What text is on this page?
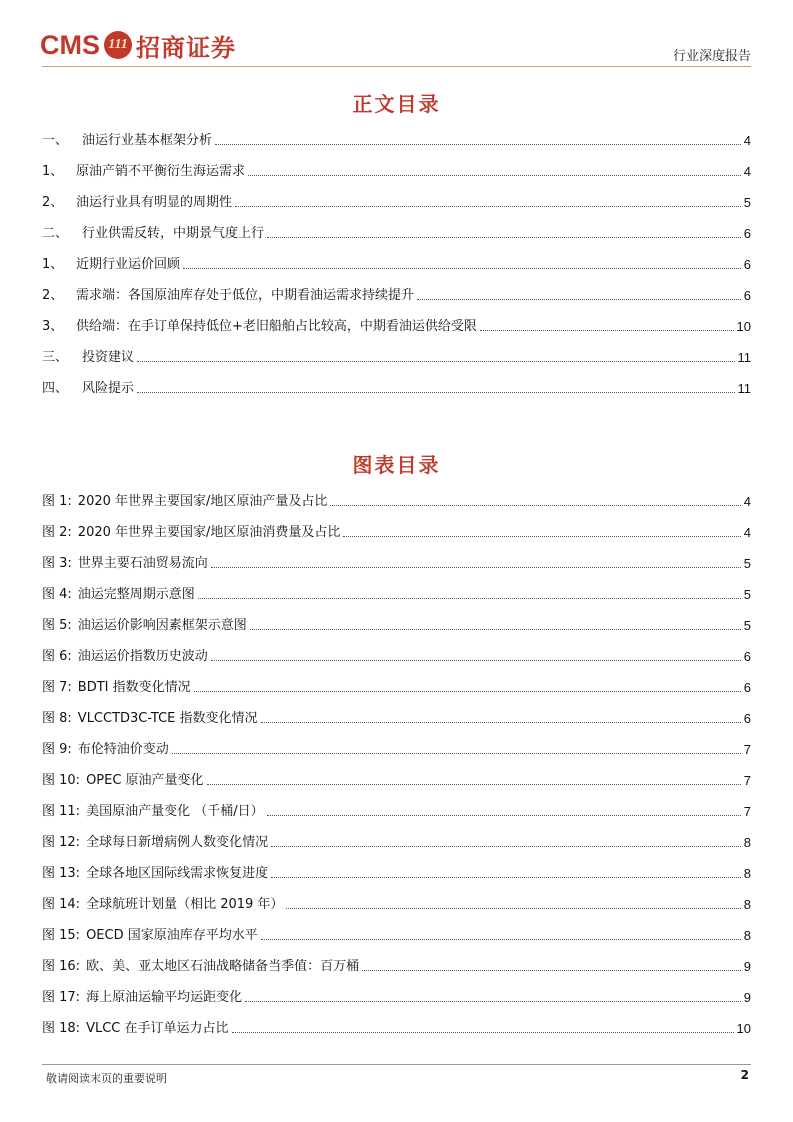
CMS 111 招商证券	行业深度报告
正文目录
一、	油运行业基本框架分析	4
1、 原油产销不平衡衍生海运需求	4
2、 油运行业具有明显的周期性	5
二、	行业供需反转，中期景气度上行	6
1、 近期行业运价回顾	6
2、 需求端：各国原油库存处于低位，中期看油运需求持续提升	6
3、 供给端：在手订单保持低位+老旧船舶占比较高，中期看油运供给受限	10
三、	投资建议	11
四、	风险提示	11
图表目录
图 1: 2020 年世界主要国家/地区原油产量及占比	4
图 2: 2020 年世界主要国家/地区原油消费量及占比	4
图 3: 世界主要石油贸易流向	5
图 4: 油运完整周期示意图	5
图 5: 油运运价影响因素框架示意图	5
图 6: 油运运价指数历史波动	6
图 7: BDTI 指数变化情况	6
图 8: VLCCTD3C-TCE 指数变化情况	6
图 9: 布伦特油价变动	7
图 10: OPEC 原油产量变化	7
图 11: 美国原油产量变化 （千桶/日）	7
图 12: 全球每日新增病例人数变化情况	8
图 13: 全球各地区国际线需求恢复进度	8
图 14: 全球航班计划量（相比 2019 年）	8
图 15: OECD 国家原油库存平均水平	8
图 16: 欧、美、亚太地区石油战略储备当季值：百万桶	9
图 17: 海上原油运输平均运距变化	9
图 18: VLCC 在手订单运力占比	10
敬请阅读末页的重要说明	2
